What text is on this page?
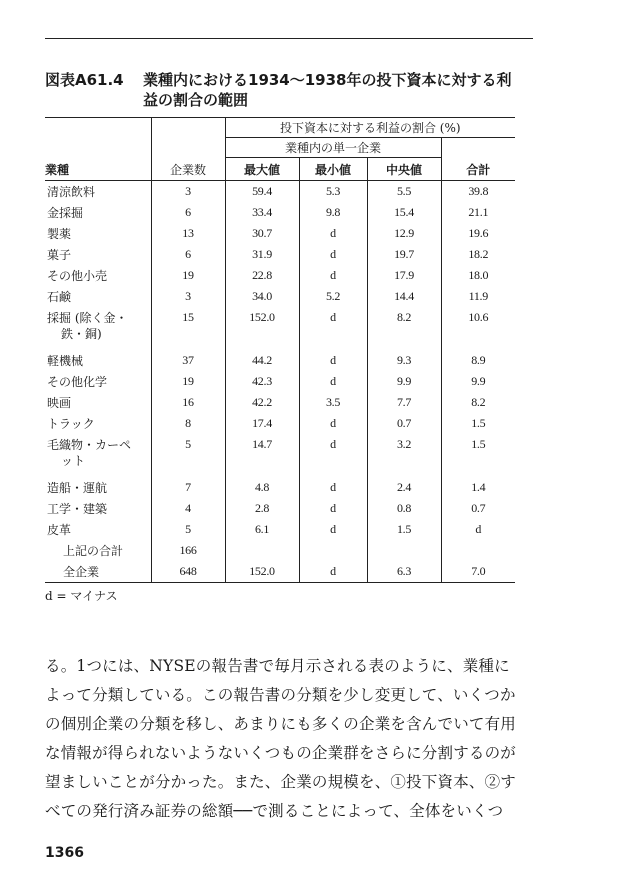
図表A61.4 業種内における1934〜1938年の投下資本に対する利
益の割合の範囲
		投下資本に対する利益の割合 (%)			
		業種内の単一企業			
業種	企業数	最大値	最小値	中央値	合計
清涼飲料	3	59.4	5.3	5.5	39.8
金採掘	6	33.4	9.8	15.4	21.1
製薬	13	30.7	d	12.9	19.6
菓子	6	31.9	d	19.7	18.2
その他小売	19	22.8	d	17.9	18.0
石鹸	3	34.0	5.2	14.4	11.9
採掘 (除く金・
鉄・銅)	15	152.0	d	8.2	10.6
軽機械	37	44.2	d	9.3	8.9
その他化学	19	42.3	d	9.9	9.9
映画	16	42.2	3.5	7.7	8.2
トラック	8	17.4	d	0.7	1.5
毛織物・カーペ
ット	5	14.7	d	3.2	1.5
造船・運航	7	4.8	d	2.4	1.4
工学・建築	4	2.8	d	0.8	0.7
皮革	5	6.1	d	1.5	d
上記の合計	166				
全企業	648	152.0	d	6.3	7.0
d = マイナス
る。1つには、NYSEの報告書で毎月示される表のように、業種に
よって分類している。この報告書の分類を少し変更して、いくつか
の個別企業の分類を移し、あまりにも多くの企業を含んでいて有用
な情報が得られないようないくつもの企業群をさらに分割するのが
望ましいことが分かった。また、企業の規模を、①投下資本、②す
べての発行済み証券の総額──で測ることによって、全体をいくつ
1366
